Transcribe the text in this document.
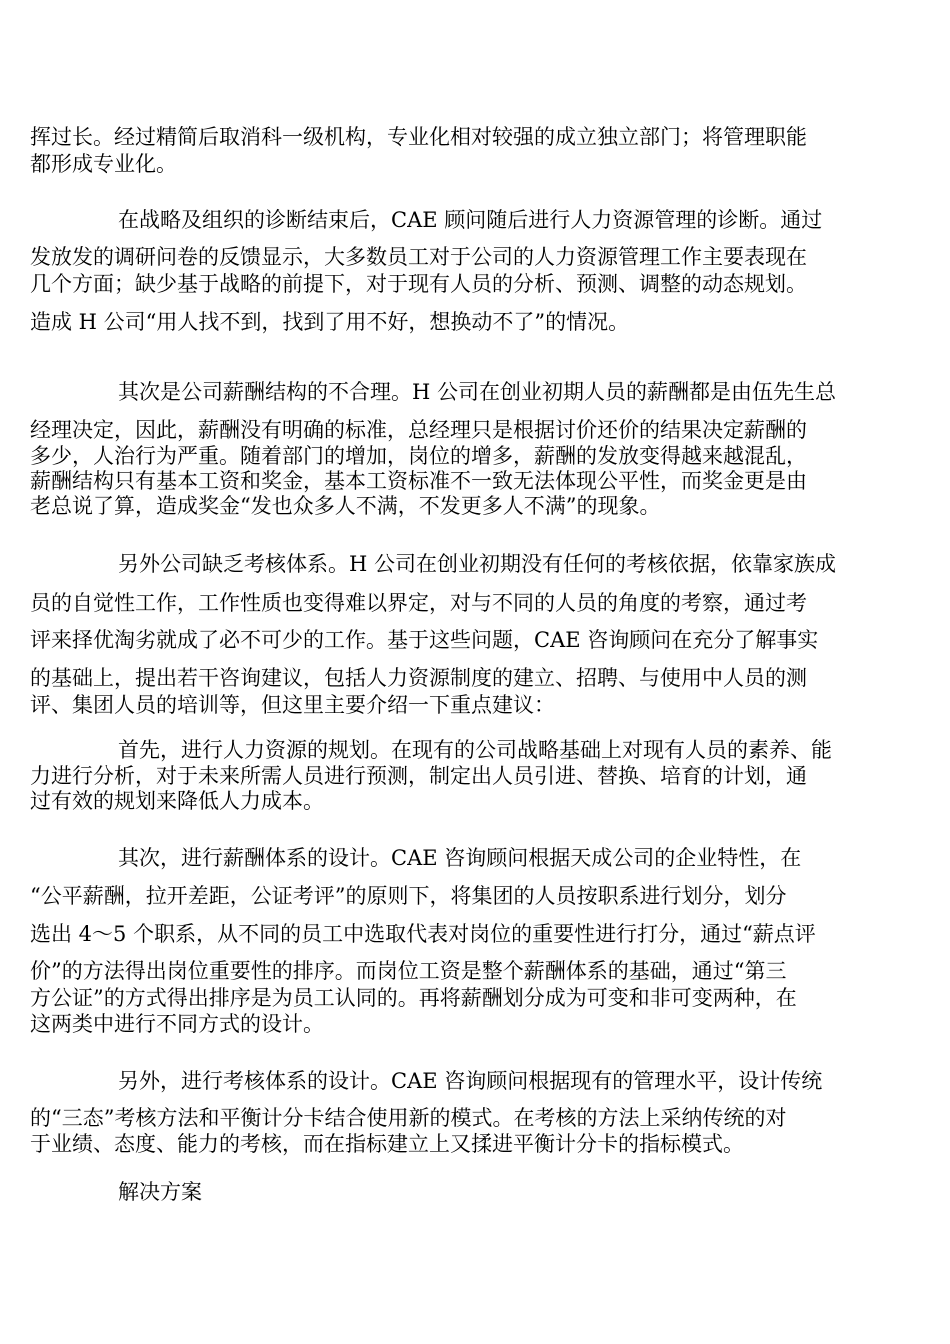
挥过长。经过精简后取消科一级机构，专业化相对较强的成立独立部门；将管理职能
都形成专业化。
在战略及组织的诊断结束后，CAE 顾问随后进行人力资源管理的诊断。通过
发放发的调研问卷的反馈显示，大多数员工对于公司的人力资源管理工作主要表现在
几个方面；缺少基于战略的前提下，对于现有人员的分析、预测、调整的动态规划。
造成 H 公司“用人找不到，找到了用不好，想换动不了”的情况。
其次是公司薪酬结构的不合理。H 公司在创业初期人员的薪酬都是由伍先生总
经理决定，因此，薪酬没有明确的标准，总经理只是根据讨价还价的结果决定薪酬的
多少，人治行为严重。随着部门的增加，岗位的增多，薪酬的发放变得越来越混乱，
薪酬结构只有基本工资和奖金，基本工资标准不一致无法体现公平性，而奖金更是由
老总说了算，造成奖金“发也众多人不满，不发更多人不满”的现象。
另外公司缺乏考核体系。H 公司在创业初期没有任何的考核依据，依靠家族成
员的自觉性工作，工作性质也变得难以界定，对与不同的人员的角度的考察，通过考
评来择优淘劣就成了必不可少的工作。基于这些问题，CAE 咨询顾问在充分了解事实
的基础上，提出若干咨询建议，包括人力资源制度的建立、招聘、与使用中人员的测
评、集团人员的培训等，但这里主要介绍一下重点建议：
首先，进行人力资源的规划。在现有的公司战略基础上对现有人员的素养、能
力进行分析，对于未来所需人员进行预测，制定出人员引进、替换、培育的计划，通
过有效的规划来降低人力成本。
其次，进行薪酬体系的设计。CAE 咨询顾问根据天成公司的企业特性，在
“公平薪酬，拉开差距，公证考评”的原则下，将集团的人员按职系进行划分，划分
选出 4～5 个职系，从不同的员工中选取代表对岗位的重要性进行打分，通过“薪点评
价”的方法得出岗位重要性的排序。而岗位工资是整个薪酬体系的基础，通过“第三
方公证”的方式得出排序是为员工认同的。再将薪酬划分成为可变和非可变两种，在
这两类中进行不同方式的设计。
另外，进行考核体系的设计。CAE 咨询顾问根据现有的管理水平，设计传统
的“三态”考核方法和平衡计分卡结合使用新的模式。在考核的方法上采纳传统的对
于业绩、态度、能力的考核，而在指标建立上又揉进平衡计分卡的指标模式。
解决方案
